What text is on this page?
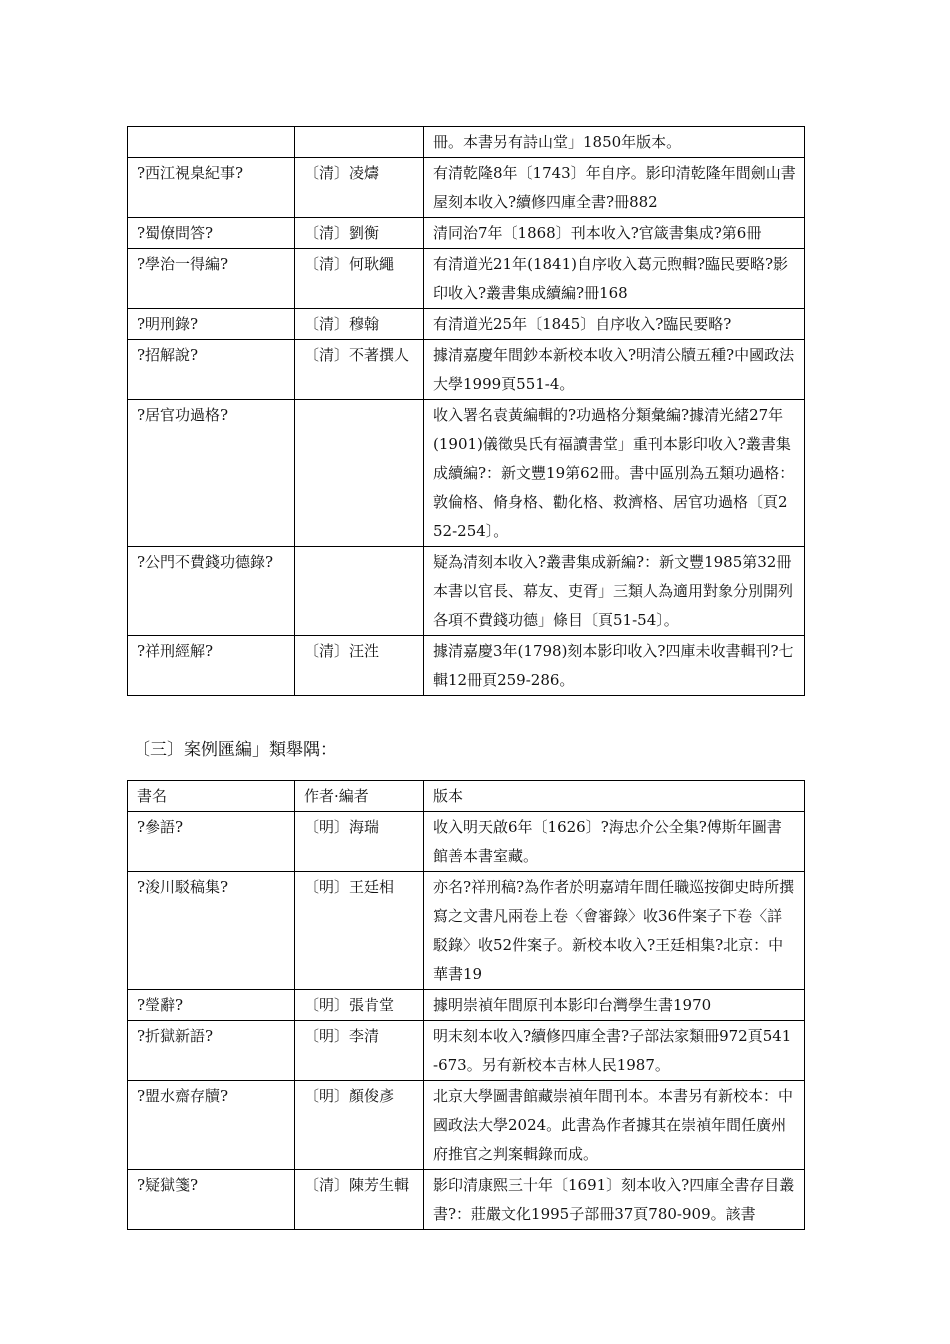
		冊。本書另有詩山堂」1850年版本。
?西江視臬紀事?	〔清〕凌燽	有清乾隆8年〔1743〕年自序。影印清乾隆年間劍山書屋刻本收入?續修四庫全書?冊882
?蜀僚問答?	〔清〕劉衡	清同治7年〔1868〕刊本收入?官箴書集成?第6冊
?學治一得編?	〔清〕何耿繩	有清道光21年(1841)自序收入葛元煦輯?臨民要略?影印收入?叢書集成續編?冊168
?明刑錄?	〔清〕穆翰	有清道光25年〔1845〕自序收入?臨民要略?
?招解說?	〔清〕不著撰人	據清嘉慶年間鈔本新校本收入?明清公牘五種?中國政法大學1999頁551-4。
?居官功過格?		收入署名袁黃編輯的?功過格分類彙編?據清光緒27年(1901)儀徵吳氏有福讀書堂」重刊本影印收入?叢書集成續編?：新文豐19第62冊。書中區別為五類功過格：敦倫格、脩身格、勸化格、救濟格、居官功過格〔頁252-254〕。
?公門不費錢功德錄?		疑為清刻本收入?叢書集成新編?：新文豐1985第32冊本書以官長、幕友、吏胥」三類人為適用對象分別開列各項不費錢功德」條目〔頁51-54〕。
?祥刑經解?	〔清〕汪泩	據清嘉慶3年(1798)刻本影印收入?四庫未收書輯刊?七輯12冊頁259-286。
〔三〕案例匯編」類舉隅：
書名	作者·編者	版本
?參語?	〔明〕海瑞	收入明天啟6年〔1626〕?海忠介公全集?傅斯年圖書館善本書室藏。
?浚川駁稿集?	〔明〕王廷相	亦名?祥刑稿?為作者於明嘉靖年間任職巡按御史時所撰寫之文書凡兩卷上卷〈會審錄〉收36件案子下卷〈詳駁錄〉收52件案子。新校本收入?王廷相集?北京：中華書19
?瑩辭?	〔明〕張肯堂	據明崇禎年間原刊本影印台灣學生書1970
?折獄新語?	〔明〕李清	明末刻本收入?續修四庫全書?子部法家類冊972頁541-673。另有新校本吉林人民1987。
?盟水齋存牘?	〔明〕顏俊彥	北京大學圖書館藏崇禎年間刊本。本書另有新校本：中國政法大學2024。此書為作者據其在崇禎年間任廣州府推官之判案輯錄而成。
?疑獄箋?	〔清〕陳芳生輯	影印清康熙三十年〔1691〕刻本收入?四庫全書存目叢書?：莊嚴文化1995子部冊37頁780-909。該書
